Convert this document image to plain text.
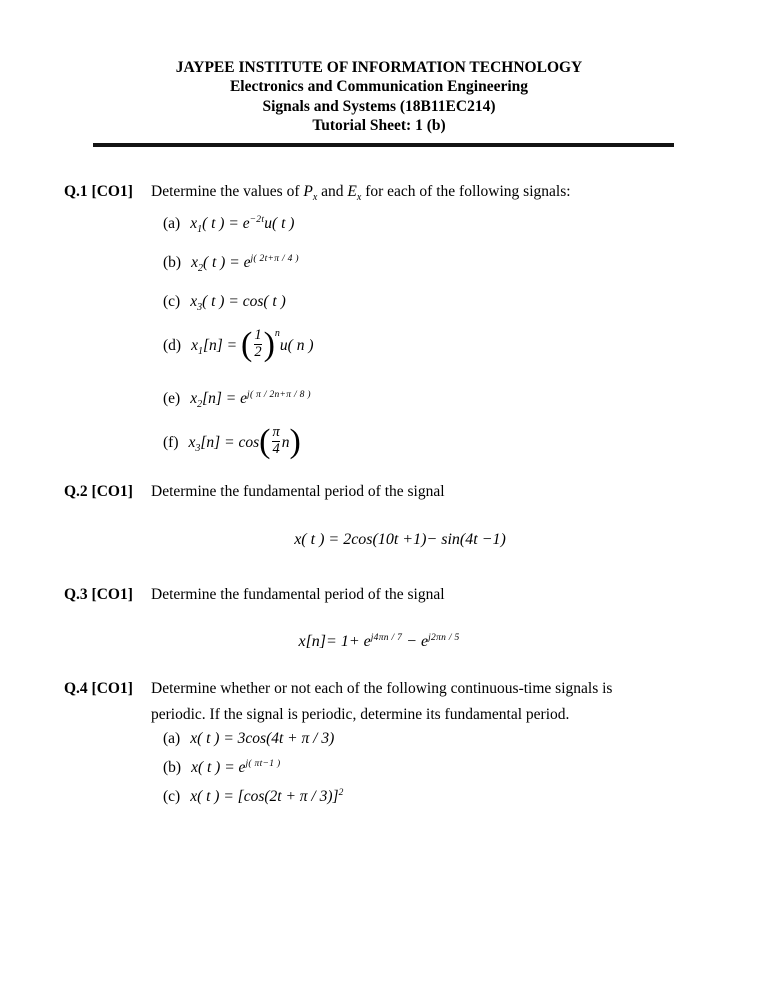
JAYPEE INSTITUTE OF INFORMATION TECHNOLOGY
Electronics and Communication Engineering
Signals and Systems (18B11EC214)
Tutorial Sheet: 1 (b)
Q.1 [CO1] Determine the values of $P_x$ and $E_x$ for each of the following signals:
(a) $x_1$( t ) = $e^{-2t}u$( t )
(b) $x_2$( t ) = $e^{j( 2t+\pi / 4 )}$
(c) $x_3$( t ) = cos( t )
(d) $x_1[n]$ = ( $\frac{1}{2} )nu$( n )
(e) $x_2[n] = e^{j( \pi / 2n+\pi / 8 )}$
(f) $x_3[n] = \cos( \frac{\pi}{4} n)$
Q.2 [CO1] Determine the fundamental period of the signal
x( t ) = 2cos(10t +1)− sin(4t −1)
Q.3 [CO1] Determine the fundamental period of the signal
$x[n]= 1+ e^{j4\pi n / 7} - e^{j2\pi n / 5}$
Q.4 [CO1] Determine whether or not each of the following continuous-time signals is
periodic. If the signal is periodic, determine its fundamental period.
(a) x( t ) = 3cos(4t + π / 3)
(b) x( t ) = $e^{j( \pi t-1 )}$
(c) x( t ) = $[\cos(2t + \pi / 3)]^2$
